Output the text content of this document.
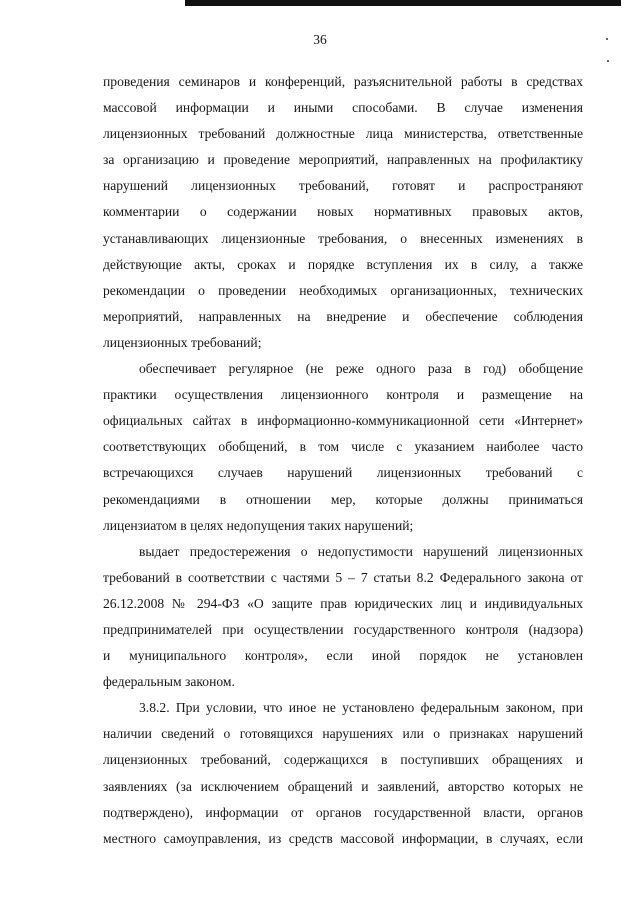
36
проведения семинаров и конференций, разъяснительной работы в средствах
массовой информации и иными способами. В случае изменения
лицензионных требований должностные лица министерства, ответственные
за организацию и проведение мероприятий, направленных на профилактику
нарушений лицензионных требований, готовят и распространяют
комментарии о содержании новых нормативных правовых актов,
устанавливающих лицензионные требования, о внесенных изменениях в
действующие акты, сроках и порядке вступления их в силу, а также
рекомендации о проведении необходимых организационных, технических
мероприятий, направленных на внедрение и обеспечение соблюдения
лицензионных требований;
обеспечивает регулярное (не реже одного раза в год) обобщение
практики осуществления лицензионного контроля и размещение на
официальных сайтах в информационно-коммуникационной сети «Интернет»
соответствующих обобщений, в том числе с указанием наиболее часто
встречающихся случаев нарушений лицензионных требований с
рекомендациями в отношении мер, которые должны приниматься
лицензиатом в целях недопущения таких нарушений;
выдает предостережения о недопустимости нарушений лицензионных
требований в соответствии с частями 5 – 7 статьи 8.2 Федерального закона от
26.12.2008 № 294-ФЗ «О защите прав юридических лиц и индивидуальных
предпринимателей при осуществлении государственного контроля (надзора)
и муниципального контроля», если иной порядок не установлен
федеральным законом.
3.8.2. При условии, что иное не установлено федеральным законом, при
наличии сведений о готовящихся нарушениях или о признаках нарушений
лицензионных требований, содержащихся в поступивших обращениях и
заявлениях (за исключением обращений и заявлений, авторство которых не
подтверждено), информации от органов государственной власти, органов
местного самоуправления, из средств массовой информации, в случаях, если
